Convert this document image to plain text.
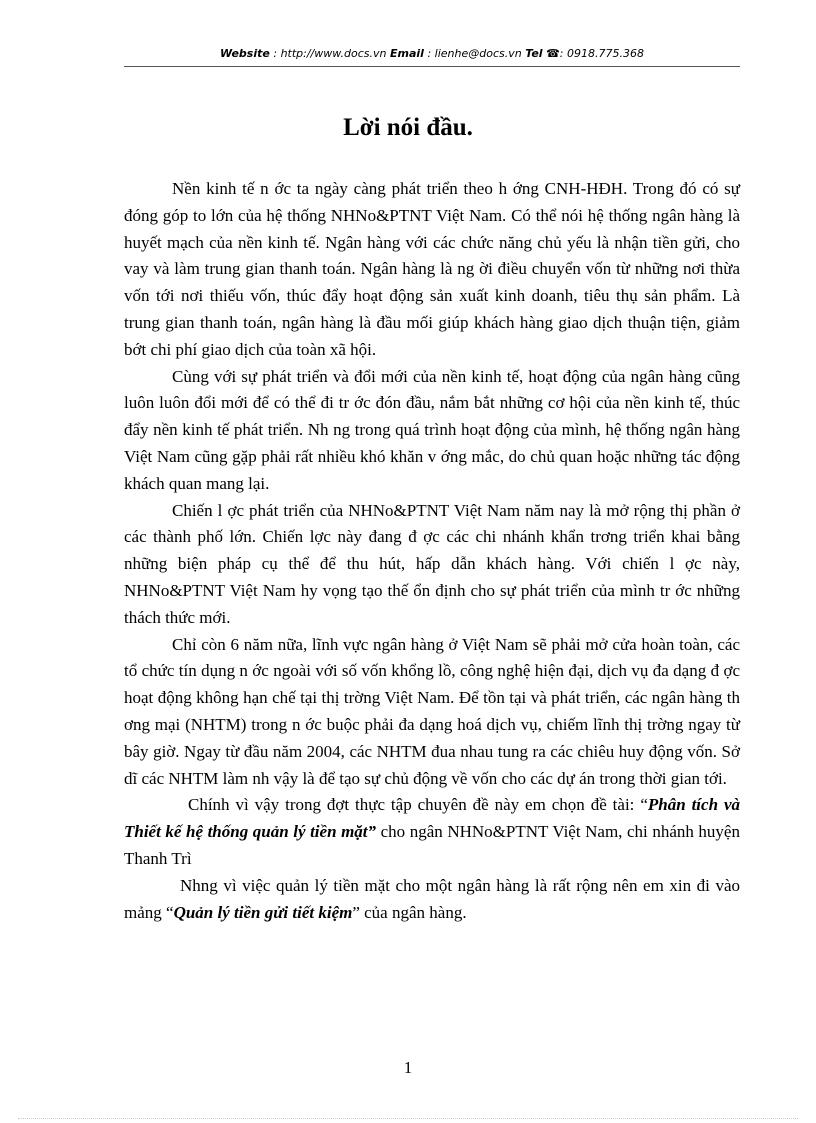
Website : http://www.docs.vn Email : lienhe@docs.vn Tel ☎: 0918.775.368
Lời nói đầu.

Nền kinh tế n ớc ta ngày càng phát triển theo h ớng CNH-HĐH. Trong đó có sự đóng góp to lớn của hệ thống NHNo&PTNT Việt Nam. Có thể nói hệ thống ngân hàng là huyết mạch của nền kinh tế. Ngân hàng với các chức năng chủ yếu là nhận tiền gửi, cho vay và làm trung gian thanh toán. Ngân hàng là ng ời điều chuyển vốn từ những nơi thừa vốn tới nơi thiếu vốn, thúc đẩy hoạt động sản xuất kinh doanh, tiêu thụ sản phẩm. Là trung gian thanh toán, ngân hàng là đầu mối giúp khách hàng giao dịch thuận tiện, giảm bớt chi phí giao dịch của toàn xã hội.

Cùng với sự phát triển và đổi mới của nền kinh tế, hoạt động của ngân hàng cũng luôn luôn đổi mới để có thể đi tr ớc đón đầu, nắm bắt những cơ hội của nền kinh tế, thúc đẩy nền kinh tế phát triển. Nh ng trong quá trình hoạt động của mình, hệ thống ngân hàng Việt Nam cũng gặp phải rất nhiều khó khăn v ớng mắc, do chủ quan hoặc những tác động khách quan mang lại.

Chiến l ợc phát triển của NHNo&PTNT Việt Nam năm nay là mở rộng thị phần ở các thành phố lớn. Chiến lợc này đang đ ợc các chi nhánh khẩn trơng triển khai bằng những biện pháp cụ thể để thu hút, hấp dẫn khách hàng. Với chiến l ợc này, NHNo&PTNT Việt Nam hy vọng tạo thế ổn định cho sự phát triển của mình tr ớc những thách thức mới.

Chỉ còn 6 năm nữa, lĩnh vực ngân hàng ở Việt Nam sẽ phải mở cửa hoàn toàn, các tổ chức tín dụng n ớc ngoài với số vốn khổng lồ, công nghệ hiện đại, dịch vụ đa dạng đ ợc hoạt động không hạn chế tại thị trờng Việt Nam. Để tồn tại và phát triển, các ngân hàng th ơng mại (NHTM) trong n ớc buộc phải đa dạng hoá dịch vụ, chiếm lĩnh thị trờng ngay từ bây giờ. Ngay từ đầu năm 2004, các NHTM đua nhau tung ra các chiêu huy động vốn. Sở dĩ các NHTM làm nh vậy là để tạo sự chủ động về vốn cho các dự án trong thời gian tới.

Chính vì vậy trong đợt thực tập chuyên đề này em chọn đề tài: “Phân tích và Thiết kế hệ thống quản lý tiền mặt” cho ngân NHNo&PTNT Việt Nam, chi nhánh huyện Thanh Trì

Nhng vì việc quản lý tiền mặt cho một ngân hàng là rất rộng nên em xin đi vào mảng “Quản lý tiền gửi tiết kiệm” của ngân hàng.

1
